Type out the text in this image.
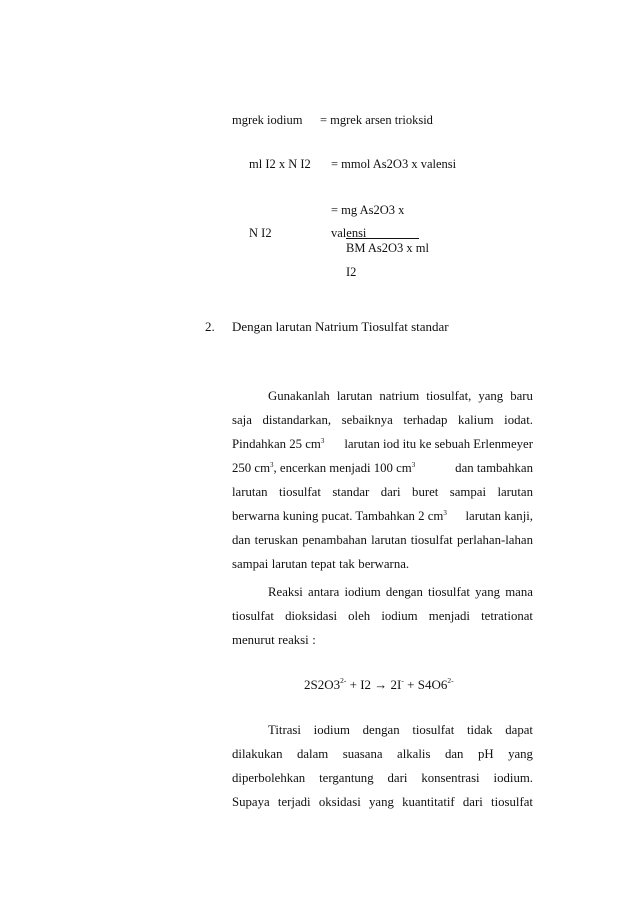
mgrek iodium = mgrek arsen trioksid
ml I2 x N I2 = mmol As2O3 x valensi
= mg As2O3 x
N I2	valensi
BM As2O3 x ml
I2
2. Dengan larutan Natrium Tiosulfat standar
Gunakanlah larutan natrium tiosulfat, yang baru
saja distandarkan, sebaiknya terhadap kalium iodat.
Pindahkan 25 $cm^3$ larutan iod itu ke sebuah Erlenmeyer
250 $cm^3$, encerkan menjadi 100 $cm^3$	dan tambahkan
larutan tiosulfat standar dari buret sampai larutan
berwarna kuning pucat. Tambahkan 2 $cm^3$ larutan kanji,
dan teruskan penambahan larutan tiosulfat perlahan-lahan
sampai larutan tepat tak berwarna.
Reaksi antara iodium dengan tiosulfat yang mana
tiosulfat dioksidasi oleh iodium menjadi tetrationat
menurut reaksi :
$2S2O3^{2-} + I2 \to 2I^- + S4O6^{2-}$
Titrasi iodium dengan tiosulfat tidak dapat
dilakukan dalam suasana alkalis dan pH yang
diperbolehkan tergantung dari konsentrasi iodium.
Supaya terjadi oksidasi yang kuantitatif dari tiosulfat
